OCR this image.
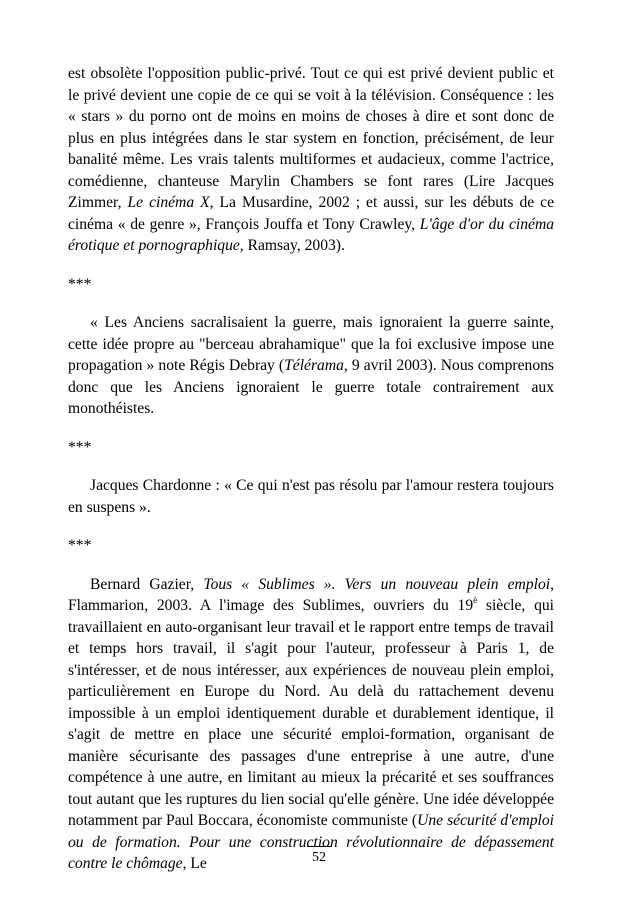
est obsolète l'opposition public-privé. Tout ce qui est privé devient public et le privé devient une copie de ce qui se voit à la télévision. Conséquence : les « stars » du porno ont de moins en moins de choses à dire et sont donc de plus en plus intégrées dans le star system en fonction, précisément, de leur banalité même. Les vrais talents multiformes et audacieux, comme l'actrice, comédienne, chanteuse Marylin Chambers se font rares (Lire Jacques Zimmer, Le cinéma X, La Musardine, 2002 ; et aussi, sur les débuts de ce cinéma « de genre », François Jouffa et Tony Crawley, L'âge d'or du cinéma érotique et pornographique, Ramsay, 2003).

***

« Les Anciens sacralisaient la guerre, mais ignoraient la guerre sainte, cette idée propre au "berceau abrahamique" que la foi exclusive impose une propagation » note Régis Debray (Télérama, 9 avril 2003). Nous comprenons donc que les Anciens ignoraient le guerre totale contrairement aux monothéistes.

***

Jacques Chardonne : « Ce qui n'est pas résolu par l'amour restera toujours en suspens ».

***

Bernard Gazier, Tous « Sublimes ». Vers un nouveau plein emploi, Flammarion, 2003. A l'image des Sublimes, ouvriers du $19^è$ siècle, qui travaillaient en auto-organisant leur travail et le rapport entre temps de travail et temps hors travail, il s'agit pour l'auteur, professeur à Paris 1, de s'intéresser, et de nous intéresser, aux expériences de nouveau plein emploi, particulièrement en Europe du Nord. Au delà du rattachement devenu impossible à un emploi identiquement durable et durablement identique, il s'agit de mettre en place une sécurité emploi-formation, organisant de manière sécurisante des passages d'une entreprise à une autre, d'une compétence à une autre, en limitant au mieux la précarité et ses souffrances tout autant que les ruptures du lien social qu'elle génère. Une idée développée notamment par Paul Boccara, économiste communiste (Une sécurité d'emploi ou de formation. Pour une construction révolutionnaire de dépassement contre le chômage, Le	52
